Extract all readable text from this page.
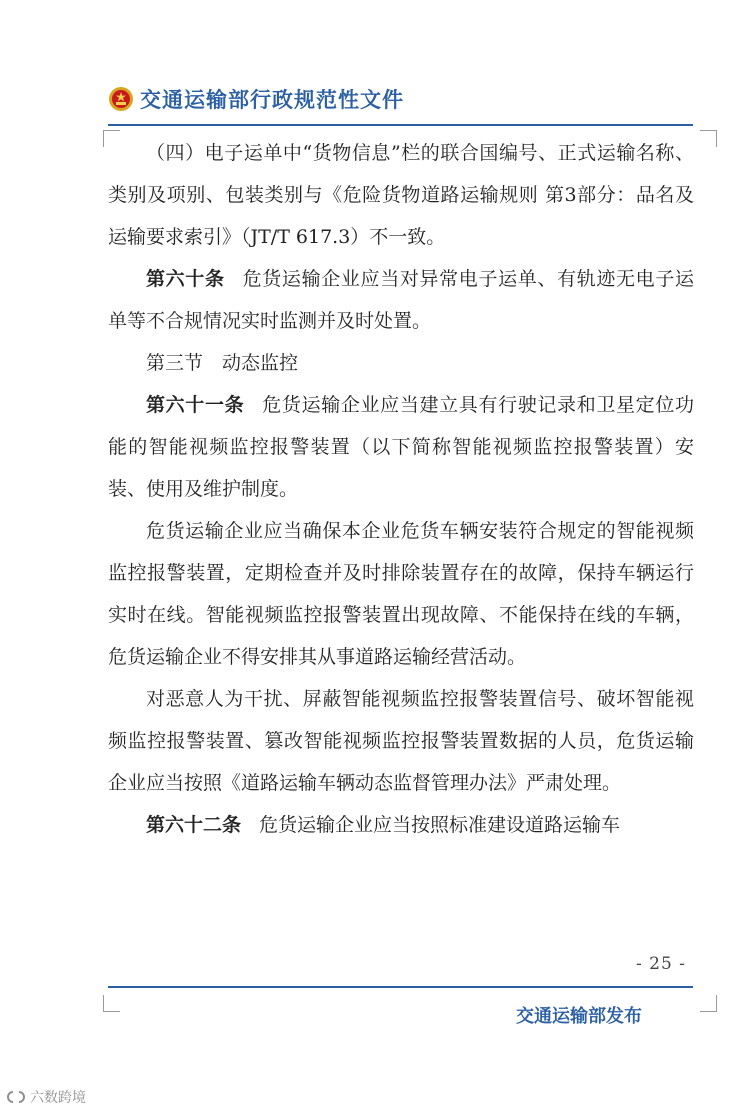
交通运输部行政规范性文件

（四）电子运单中“货物信息”栏的联合国编号、正式运输名称、类别及项别、包装类别与《危险货物道路运输规则 第3部分：品名及运输要求索引》（JT/T 617.3）不一致。

第六十条 危货运输企业应当对异常电子运单、有轨迹无电子运单等不合规情况实时监测并及时处置。

第三节　动态监控

第六十一条 危货运输企业应当建立具有行驶记录和卫星定位功能的智能视频监控报警装置（以下简称智能视频监控报警装置）安装、使用及维护制度。

危货运输企业应当确保本企业危货车辆安装符合规定的智能视频监控报警装置，定期检查并及时排除装置存在的故障，保持车辆运行实时在线。智能视频监控报警装置出现故障、不能保持在线的车辆，危货运输企业不得安排其从事道路运输经营活动。

对恶意人为干扰、屏蔽智能视频监控报警装置信号、破坏智能视频监控报警装置、篡改智能视频监控报警装置数据的人员，危货运输企业应当按照《道路运输车辆动态监督管理办法》严肃处理。

第六十二条 危货运输企业应当按照标准建设道路运输车

- 25 -
交通运输部发布
六数跨境
